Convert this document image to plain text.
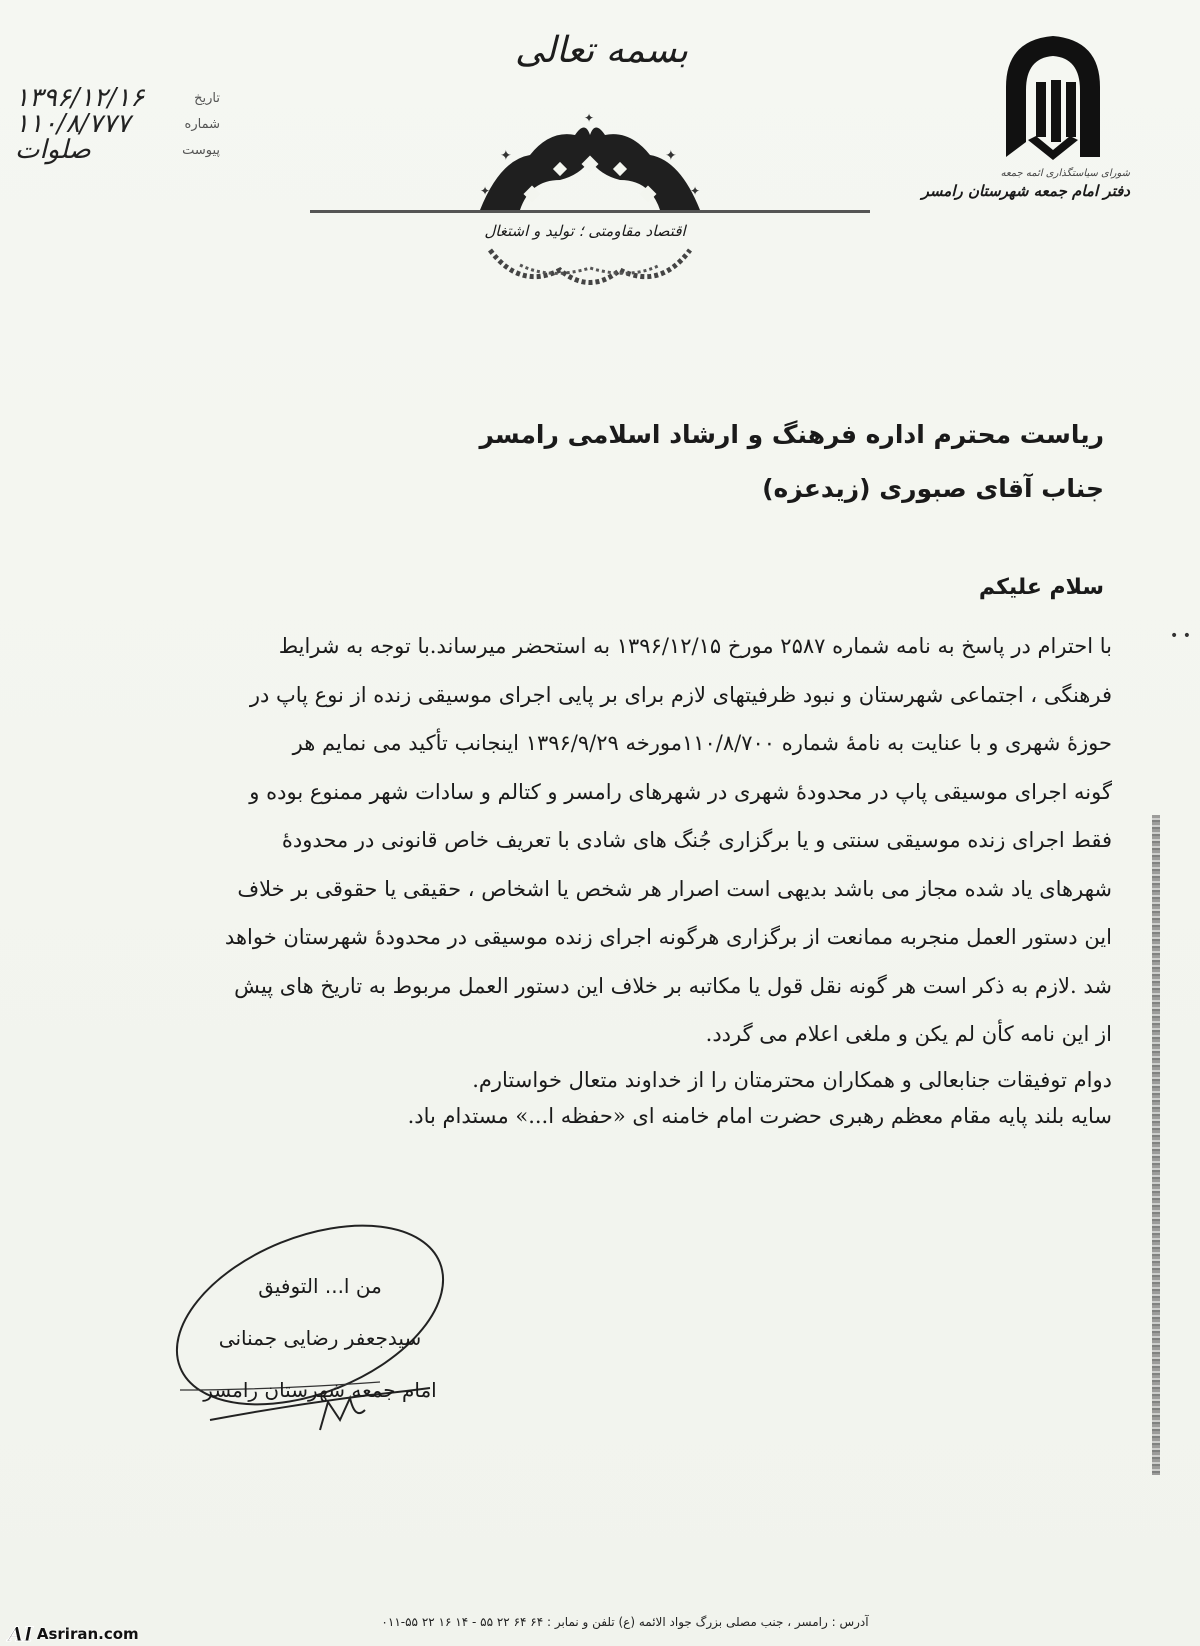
۱۳۹۶/۱۲/۱۶	تاریخ
۱۱۰/۸/۷۷۷	شماره
صلوات	پیوست
بسمه تعالی
✦	✦
✦
✦	✦
اقتصاد مقاومتی ؛ تولید و اشتغال
شورای سیاستگذاری ائمه جمعه
دفتر امام جمعه شهرستان رامسر
ریاست محترم اداره فرهنگ و ارشاد اسلامی رامسر
جناب آقای صبوری (زیدعزه)
سلام علیکم
با احترام در پاسخ به نامه شماره ۲۵۸۷ مورخ ۱۳۹۶/۱۲/۱۵ به استحضر میرساند.با توجه به شرایط
فرهنگی ، اجتماعی شهرستان و نبود ظرفیتهای لازم برای بر پایی اجرای موسیقی زنده از نوع پاپ در
حوزهٔ شهری و با عنایت به نامهٔ شماره ۱۱۰/۸/۷۰۰مورخه ۱۳۹۶/۹/۲۹ اینجانب تأکید می نمایم هر
گونه اجرای موسیقی پاپ در محدودهٔ شهری در شهرهای رامسر و کتالم و سادات شهر ممنوع بوده و
فقط اجرای زنده موسیقی سنتی و یا برگزاری جُنگ های شادی با تعریف خاص قانونی در محدودهٔ
شهرهای یاد شده مجاز می باشد بدیهی است اصرار هر شخص یا اشخاص ، حقیقی یا حقوقی بر خلاف
این دستور العمل منجربه ممانعت از برگزاری هرگونه اجرای زنده موسیقی در محدودهٔ شهرستان خواهد
شد .لازم به ذکر است هر گونه نقل قول یا مکاتبه بر خلاف این دستور العمل مربوط به تاریخ های پیش
از این نامه کأن لم یکن و ملغی اعلام می گردد.
دوام توفیقات جنابعالی و همکاران محترمتان را از خداوند متعال خواستارم.
سایه بلند پایه مقام معظم رهبری حضرت امام خامنه ای «حفظه ا...» مستدام باد.
من ا... التوفیق
سیدجعفر رضایی جمنانی
امام جمعه شهرستان رامسر
• •
آدرس : رامسر ، جنب مصلی بزرگ جواد الائمه (ع) تلفن و نمابر : ۶۴ ۶۴ ۲۲ ۵۵ - ۱۴ ۱۶ ۲۲ ۵۵-۰۱۱
AI Asriran.com
